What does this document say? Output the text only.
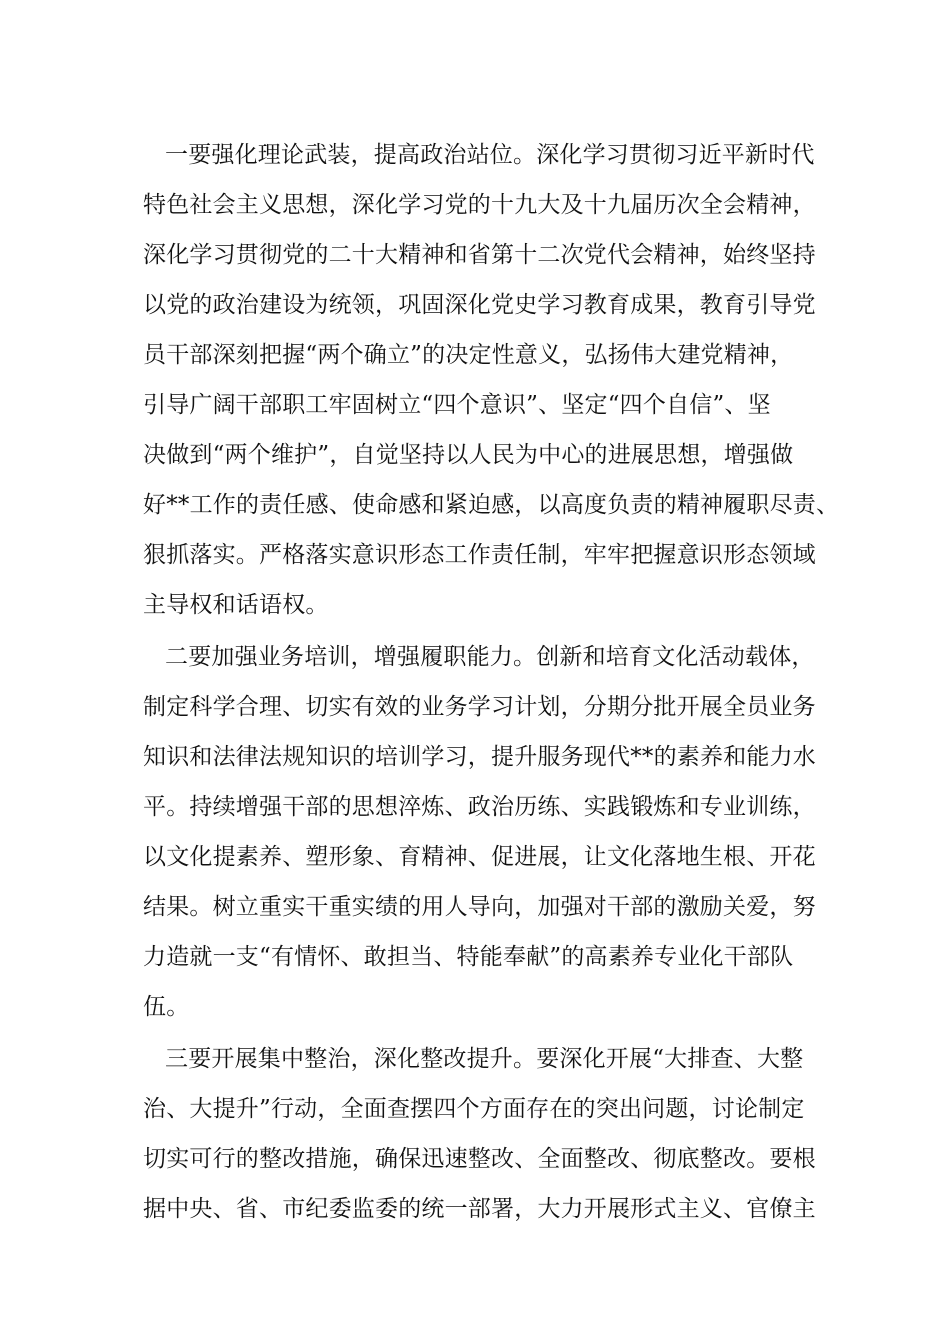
一要强化理论武装，提高政治站位。深化学习贯彻习近平新时代
特色社会主义思想，深化学习党的十九大及十九届历次全会精神，
深化学习贯彻党的二十大精神和省第十二次党代会精神，始终坚持
以党的政治建设为统领，巩固深化党史学习教育成果，教育引导党
员干部深刻把握“两个确立”的决定性意义，弘扬伟大建党精神，
引导广阔干部职工牢固树立“四个意识”、坚定“四个自信”、坚
决做到“两个维护”，自觉坚持以人民为中心的进展思想，增强做
好**工作的责任感、使命感和紧迫感，以高度负责的精神履职尽责、
狠抓落实。严格落实意识形态工作责任制，牢牢把握意识形态领域
主导权和话语权。
二要加强业务培训，增强履职能力。创新和培育文化活动载体，
制定科学合理、切实有效的业务学习计划，分期分批开展全员业务
知识和法律法规知识的培训学习，提升服务现代**的素养和能力水
平。持续增强干部的思想淬炼、政治历练、实践锻炼和专业训练，
以文化提素养、塑形象、育精神、促进展，让文化落地生根、开花
结果。树立重实干重实绩的用人导向，加强对干部的激励关爱，努
力造就一支“有情怀、敢担当、特能奉献”的高素养专业化干部队
伍。
三要开展集中整治，深化整改提升。要深化开展“大排查、大整
治、大提升”行动，全面查摆四个方面存在的突出问题，讨论制定
切实可行的整改措施，确保迅速整改、全面整改、彻底整改。要根
据中央、省、市纪委监委的统一部署，大力开展形式主义、官僚主
